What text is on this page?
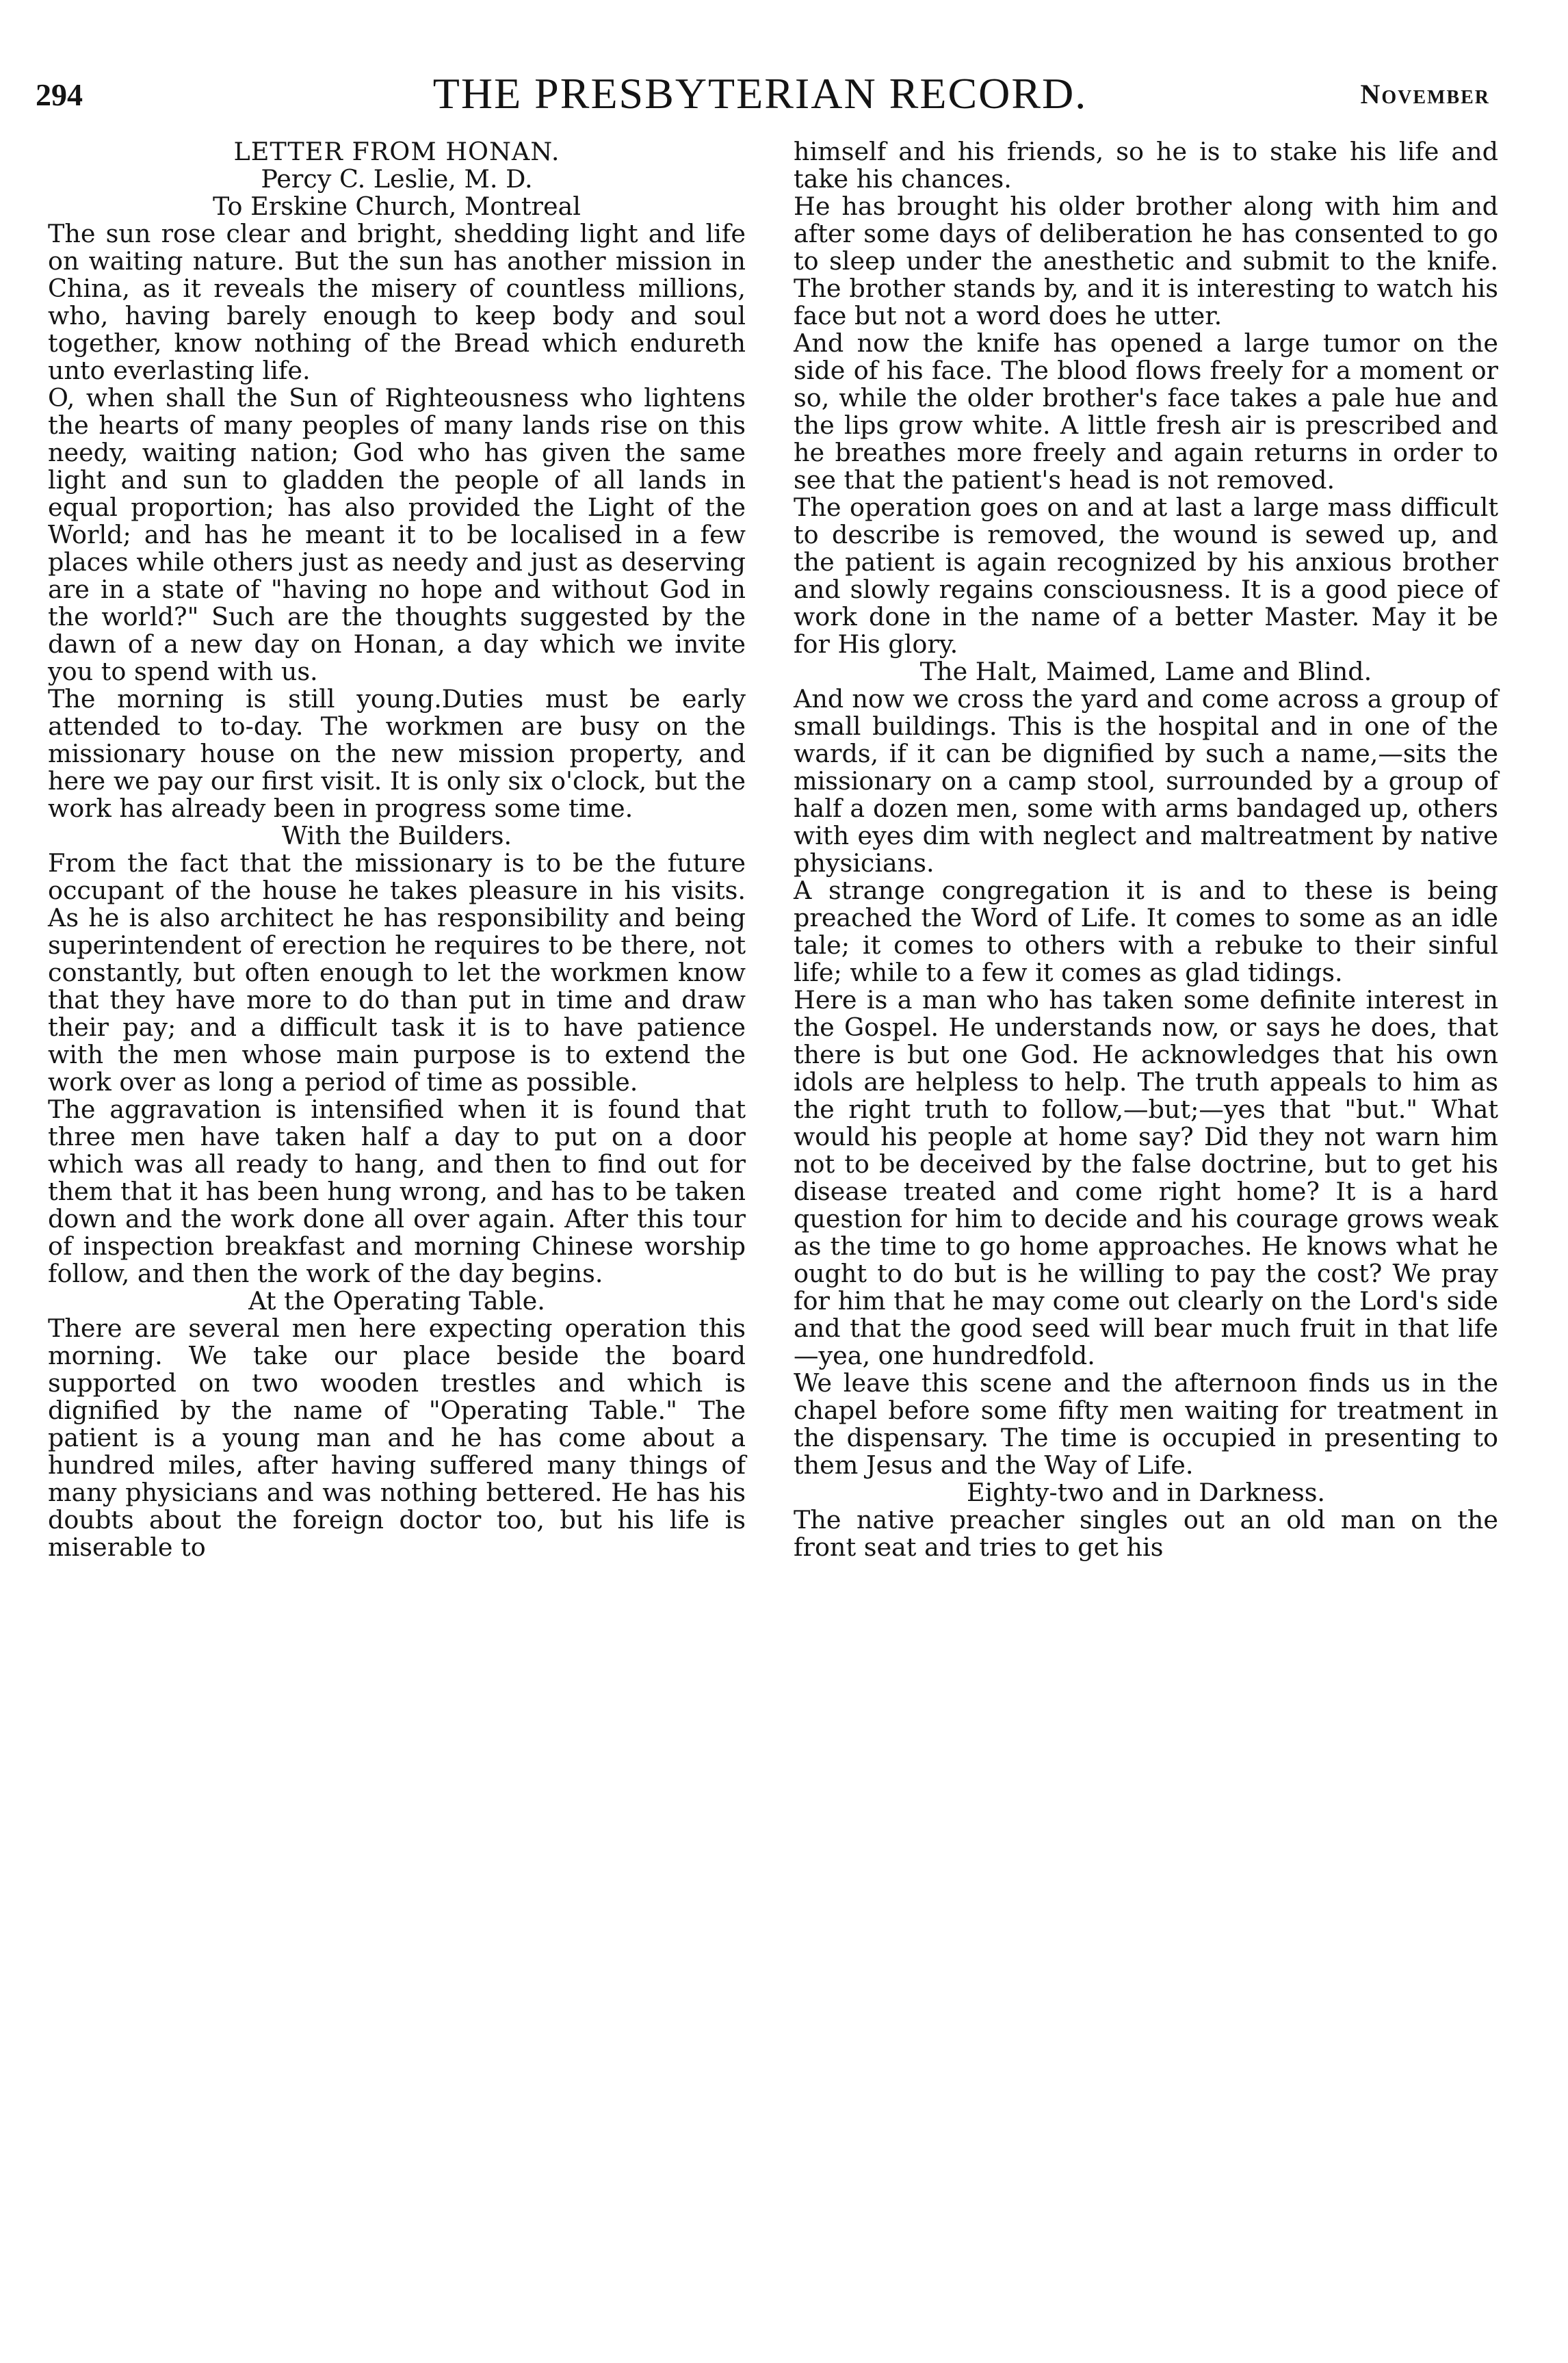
294	THE PRESBYTERIAN RECORD.	November

LETTER FROM HONAN.

Percy C. Leslie, M. D.

To Erskine Church, Montreal

The sun rose clear and bright, shedding light and life on waiting nature. But the sun has another mission in China, as it reveals the misery of countless millions, who, having barely enough to keep body and soul together, know nothing of the Bread which endureth unto everlasting life.

O, when shall the Sun of Righteousness who lightens the hearts of many peoples of many lands rise on this needy, waiting nation; God who has given the same light and sun to gladden the people of all lands in equal proportion; has also provided the Light of the World; and has he meant it to be localised in a few places while others just as needy and just as deserving are in a state of "having no hope and without God in the world?" Such are the thoughts suggested by the dawn of a new day on Honan, a day which we invite you to spend with us.

The morning is still young.Duties must be early attended to to-day. The workmen are busy on the missionary house on the new mission property, and here we pay our first visit. It is only six o'clock, but the work has already been in progress some time.

With the Builders.

From the fact that the missionary is to be the future occupant of the house he takes pleasure in his visits. As he is also architect he has responsibility and being superintendent of erection he requires to be there, not constantly, but often enough to let the workmen know that they have more to do than put in time and draw their pay; and a difficult task it is to have patience with the men whose main purpose is to extend the work over as long a period of time as possible.

The aggravation is intensified when it is found that three men have taken half a day to put on a door which was all ready to hang, and then to find out for them that it has been hung wrong, and has to be taken down and the work done all over again. After this tour of inspection breakfast and morning Chinese worship follow, and then the work of the day begins.

At the Operating Table.

There are several men here expecting operation this morning. We take our place beside the board supported on two wooden trestles and which is dignified by the name of "Operating Table." The patient is a young man and he has come about a hundred miles, after having suffered many things of many physicians and was nothing bettered. He has his doubts about the foreign doctor too, but his life is miserable to

himself and his friends, so he is to stake his life and take his chances.

He has brought his older brother along with him and after some days of deliberation he has consented to go to sleep under the anesthetic and submit to the knife. The brother stands by, and it is interesting to watch his face but not a word does he utter.

And now the knife has opened a large tumor on the side of his face. The blood flows freely for a moment or so, while the older brother's face takes a pale hue and the lips grow white. A little fresh air is prescribed and he breathes more freely and again returns in order to see that the patient's head is not removed.

The operation goes on and at last a large mass difficult to describe is removed, the wound is sewed up, and the patient is again recognized by his anxious brother and slowly regains consciousness. It is a good piece of work done in the name of a better Master. May it be for His glory.

The Halt, Maimed, Lame and Blind.

And now we cross the yard and come across a group of small buildings. This is the hospital and in one of the wards, if it can be dignified by such a name,—sits the missionary on a camp stool, surrounded by a group of half a dozen men, some with arms bandaged up, others with eyes dim with neglect and maltreatment by native physicians.

A strange congregation it is and to these is being preached the Word of Life. It comes to some as an idle tale; it comes to others with a rebuke to their sinful life; while to a few it comes as glad tidings.

Here is a man who has taken some definite interest in the Gospel. He understands now, or says he does, that there is but one God. He acknowledges that his own idols are helpless to help. The truth appeals to him as the right truth to follow,—but;—yes that "but." What would his people at home say? Did they not warn him not to be deceived by the false doctrine, but to get his disease treated and come right home? It is a hard question for him to decide and his courage grows weak as the time to go home approaches. He knows what he ought to do but is he willing to pay the cost? We pray for him that he may come out clearly on the Lord's side and that the good seed will bear much fruit in that life —yea, one hundredfold.

We leave this scene and the afternoon finds us in the chapel before some fifty men waiting for treatment in the dispensary. The time is occupied in presenting to them Jesus and the Way of Life.

Eighty-two and in Darkness.

The native preacher singles out an old man on the front seat and tries to get his
